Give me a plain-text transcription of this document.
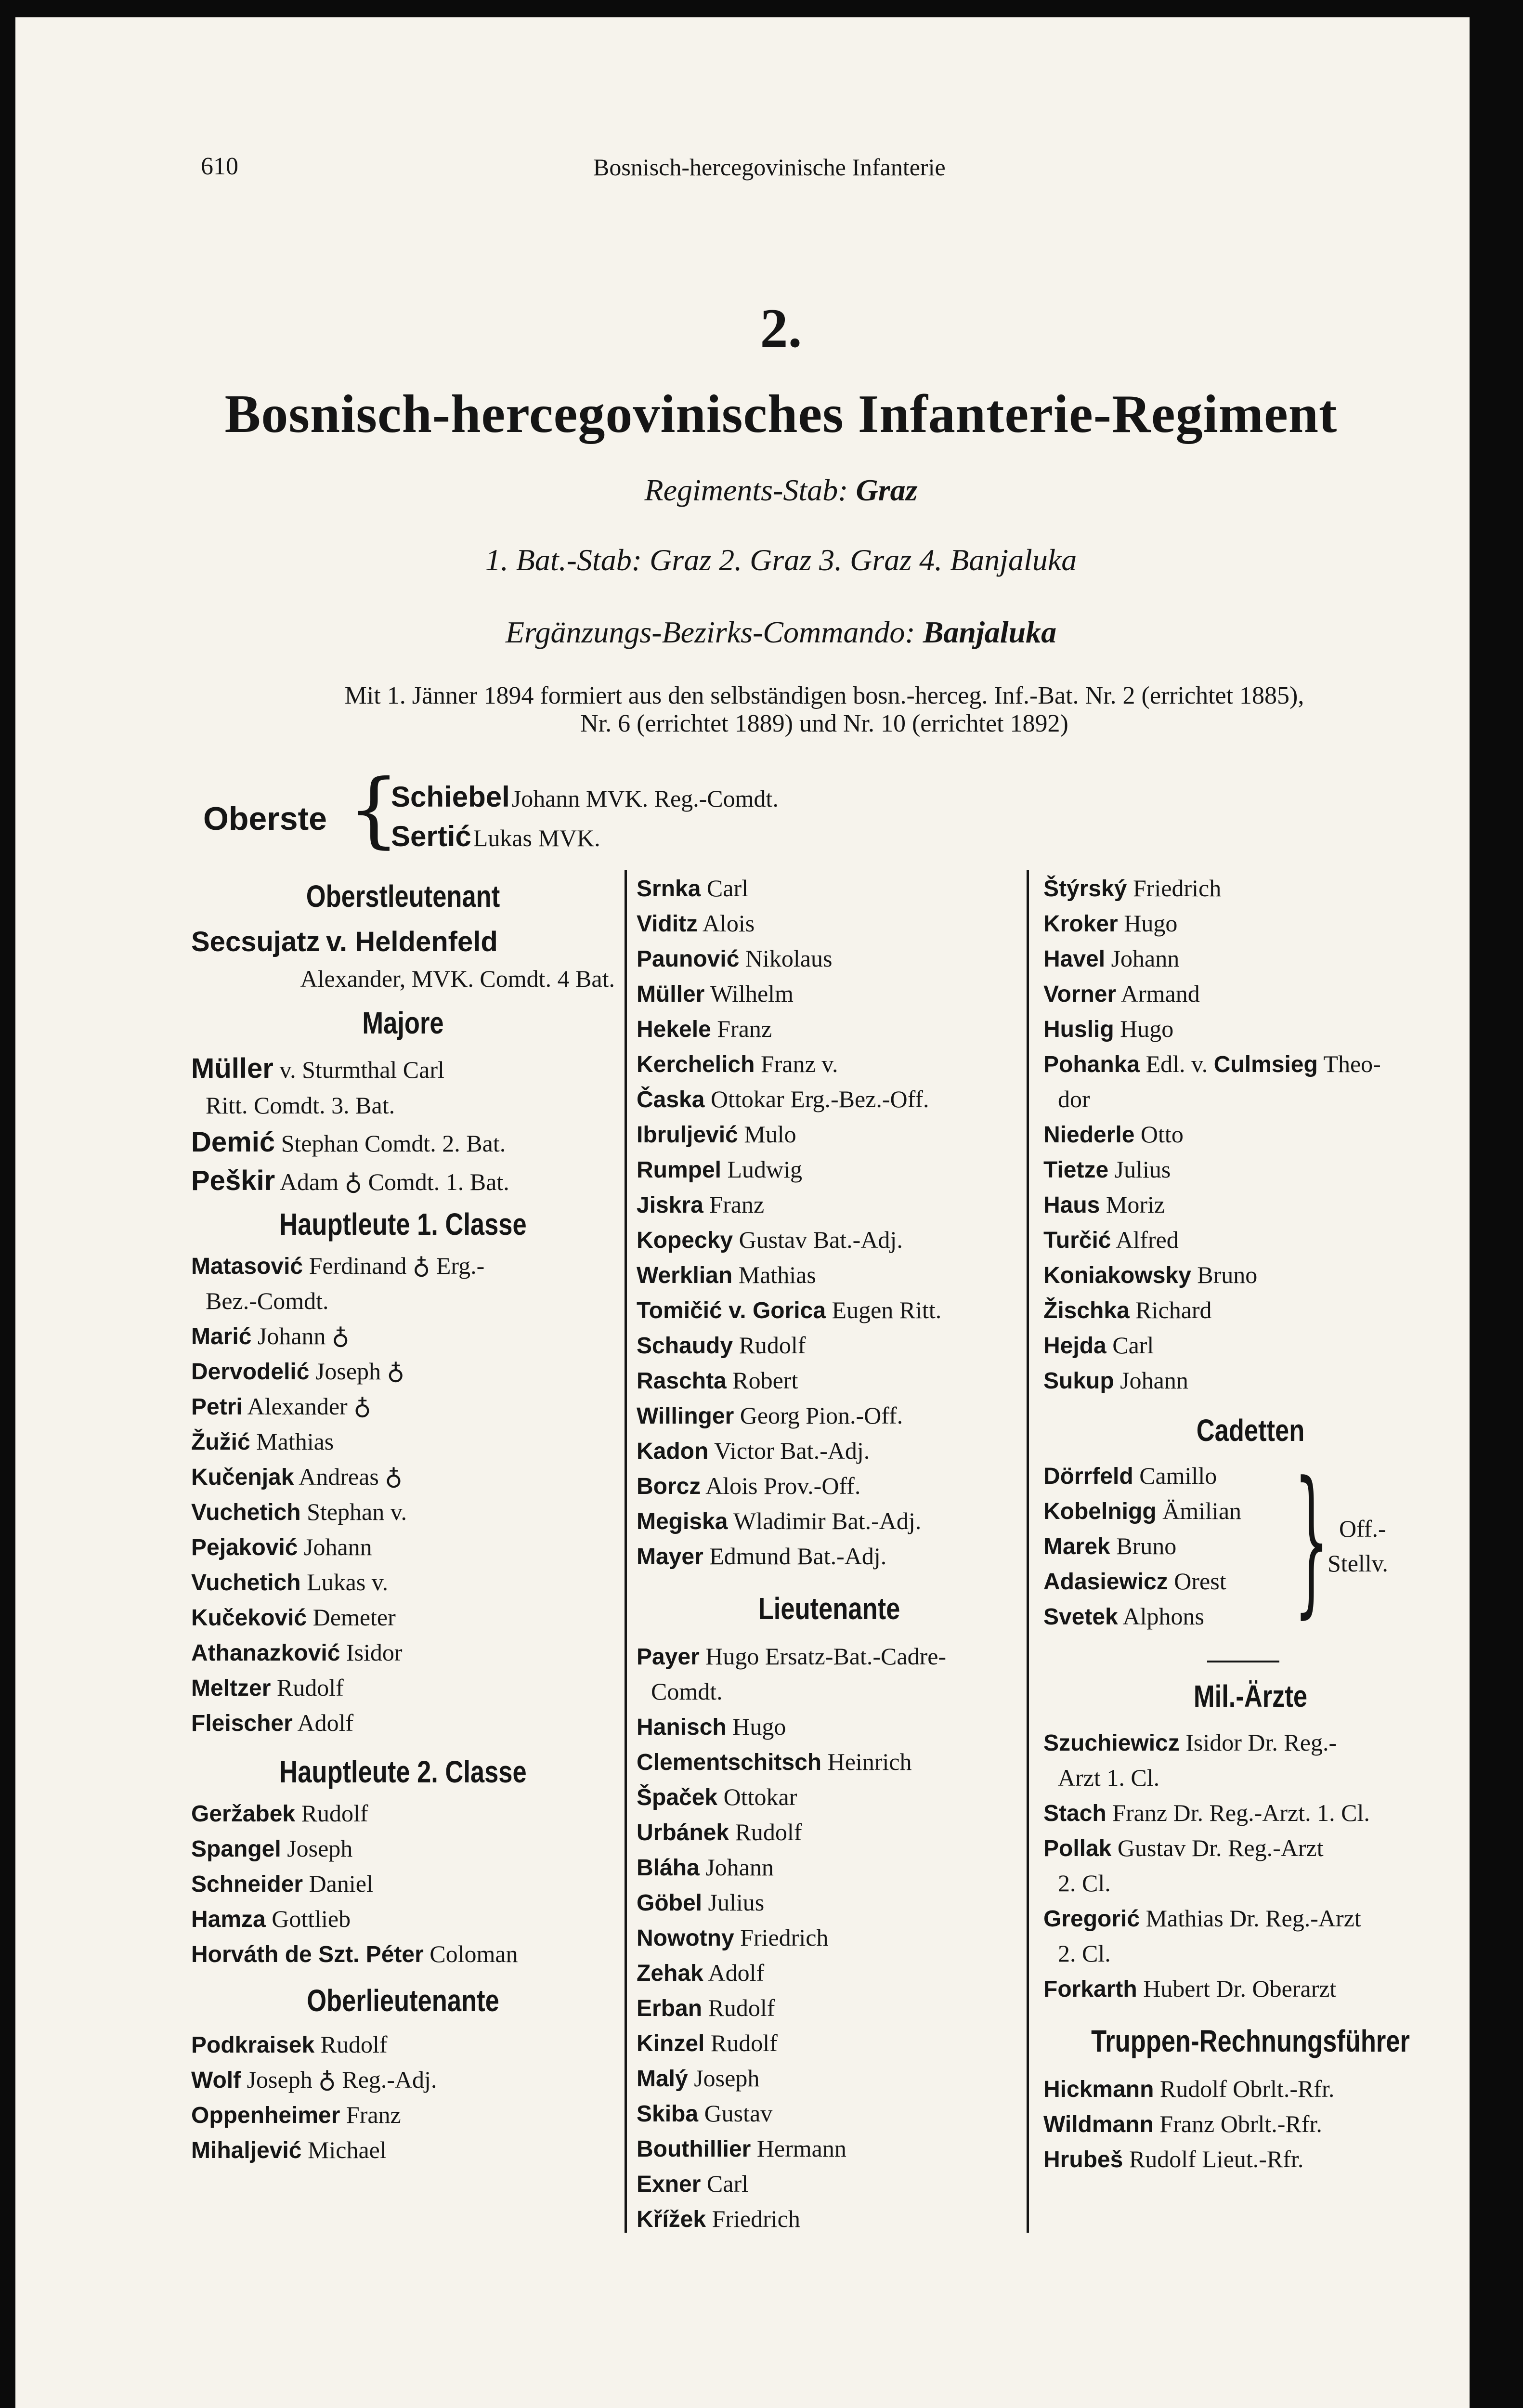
610	Bosnisch-hercegovinische Infanterie
2.
Bosnisch-hercegovinisches Infanterie-Regiment
Regiments-Stab: Graz
1. Bat.-Stab: Graz 2. Graz 3. Graz 4. Banjaluka
Ergänzungs-Bezirks-Commando: Banjaluka
Mit 1. Jänner 1894 formiert aus den selbständigen bosn.-herceg. Inf.-Bat. Nr. 2 (errichtet 1885),
Nr. 6 (errichtet 1889) und Nr. 10 (errichtet 1892)
Oberste {
Schiebel Johann MVK. Reg.-Comdt.
Sertić Lukas MVK.
Oberstleutenant
Secsujatz v. Heldenfeld
Alexander, MVK. Comdt. 4 Bat.
Majore
Müller v. Sturmthal Carl
Ritt. Comdt. 3. Bat.
Demić Stephan Comdt. 2. Bat.
Peškir Adam ♁ Comdt. 1. Bat.
Hauptleute 1. Classe
Matasović Ferdinand ♁ Erg.-
Bez.-Comdt.
Marić Johann ♁
Dervodelić Joseph ♁
Petri Alexander ♁
Žužić Mathias
Kučenjak Andreas ♁
Vuchetich Stephan v.
Pejaković Johann
Vuchetich Lukas v.
Kučeković Demeter
Athanazković Isidor
Meltzer Rudolf
Fleischer Adolf
Hauptleute 2. Classe
Geržabek Rudolf
Spangel Joseph
Schneider Daniel
Hamza Gottlieb
Horváth de Szt. Péter Coloman
Oberlieutenante
Podkraisek Rudolf
Wolf Joseph ♁ Reg.-Adj.
Oppenheimer Franz
Mihaljević Michael
Srnka Carl
Viditz Alois
Paunović Nikolaus
Müller Wilhelm
Hekele Franz
Kerchelich Franz v.
Časka Ottokar Erg.-Bez.-Off.
Ibruljević Mulo
Rumpel Ludwig
Jiskra Franz
Kopecky Gustav Bat.-Adj.
Werklian Mathias
Tomičić v. Gorica Eugen Ritt.
Schaudy Rudolf
Raschta Robert
Willinger Georg Pion.-Off.
Kadon Victor Bat.-Adj.
Borcz Alois Prov.-Off.
Megiska Wladimir Bat.-Adj.
Mayer Edmund Bat.-Adj.
Lieutenante
Payer Hugo Ersatz-Bat.-Cadre-
Comdt.
Hanisch Hugo
Clementschitsch Heinrich
Špaček Ottokar
Urbánek Rudolf
Bláha Johann
Göbel Julius
Nowotny Friedrich
Zehak Adolf
Erban Rudolf
Kinzel Rudolf
Malý Joseph
Skiba Gustav
Bouthillier Hermann
Exner Carl
Křížek Friedrich
Štýrský Friedrich
Kroker Hugo
Havel Johann
Vorner Armand
Huslig Hugo
Pohanka Edl. v. Culmsieg Theo-
dor
Niederle Otto
Tietze Julius
Haus Moriz
Turčić Alfred
Koniakowsky Bruno
Žischka Richard
Hejda Carl
Sukup Johann
Cadetten
Dörrfeld Camillo
Kobelnigg Ämilian
Marek Bruno
Adasiewicz Orest
Svetek Alphons } Off.-
Stellv.
Mil.-Ärzte
Szuchiewicz Isidor Dr. Reg.-
Arzt 1. Cl.
Stach Franz Dr. Reg.-Arzt. 1. Cl.
Pollak Gustav Dr. Reg.-Arzt
2. Cl.
Gregorić Mathias Dr. Reg.-Arzt
2. Cl.
Forkarth Hubert Dr. Oberarzt
Truppen-Rechnungsführer
Hickmann Rudolf Obrlt.-Rfr.
Wildmann Franz Obrlt.-Rfr.
Hrubeš Rudolf Lieut.-Rfr.
